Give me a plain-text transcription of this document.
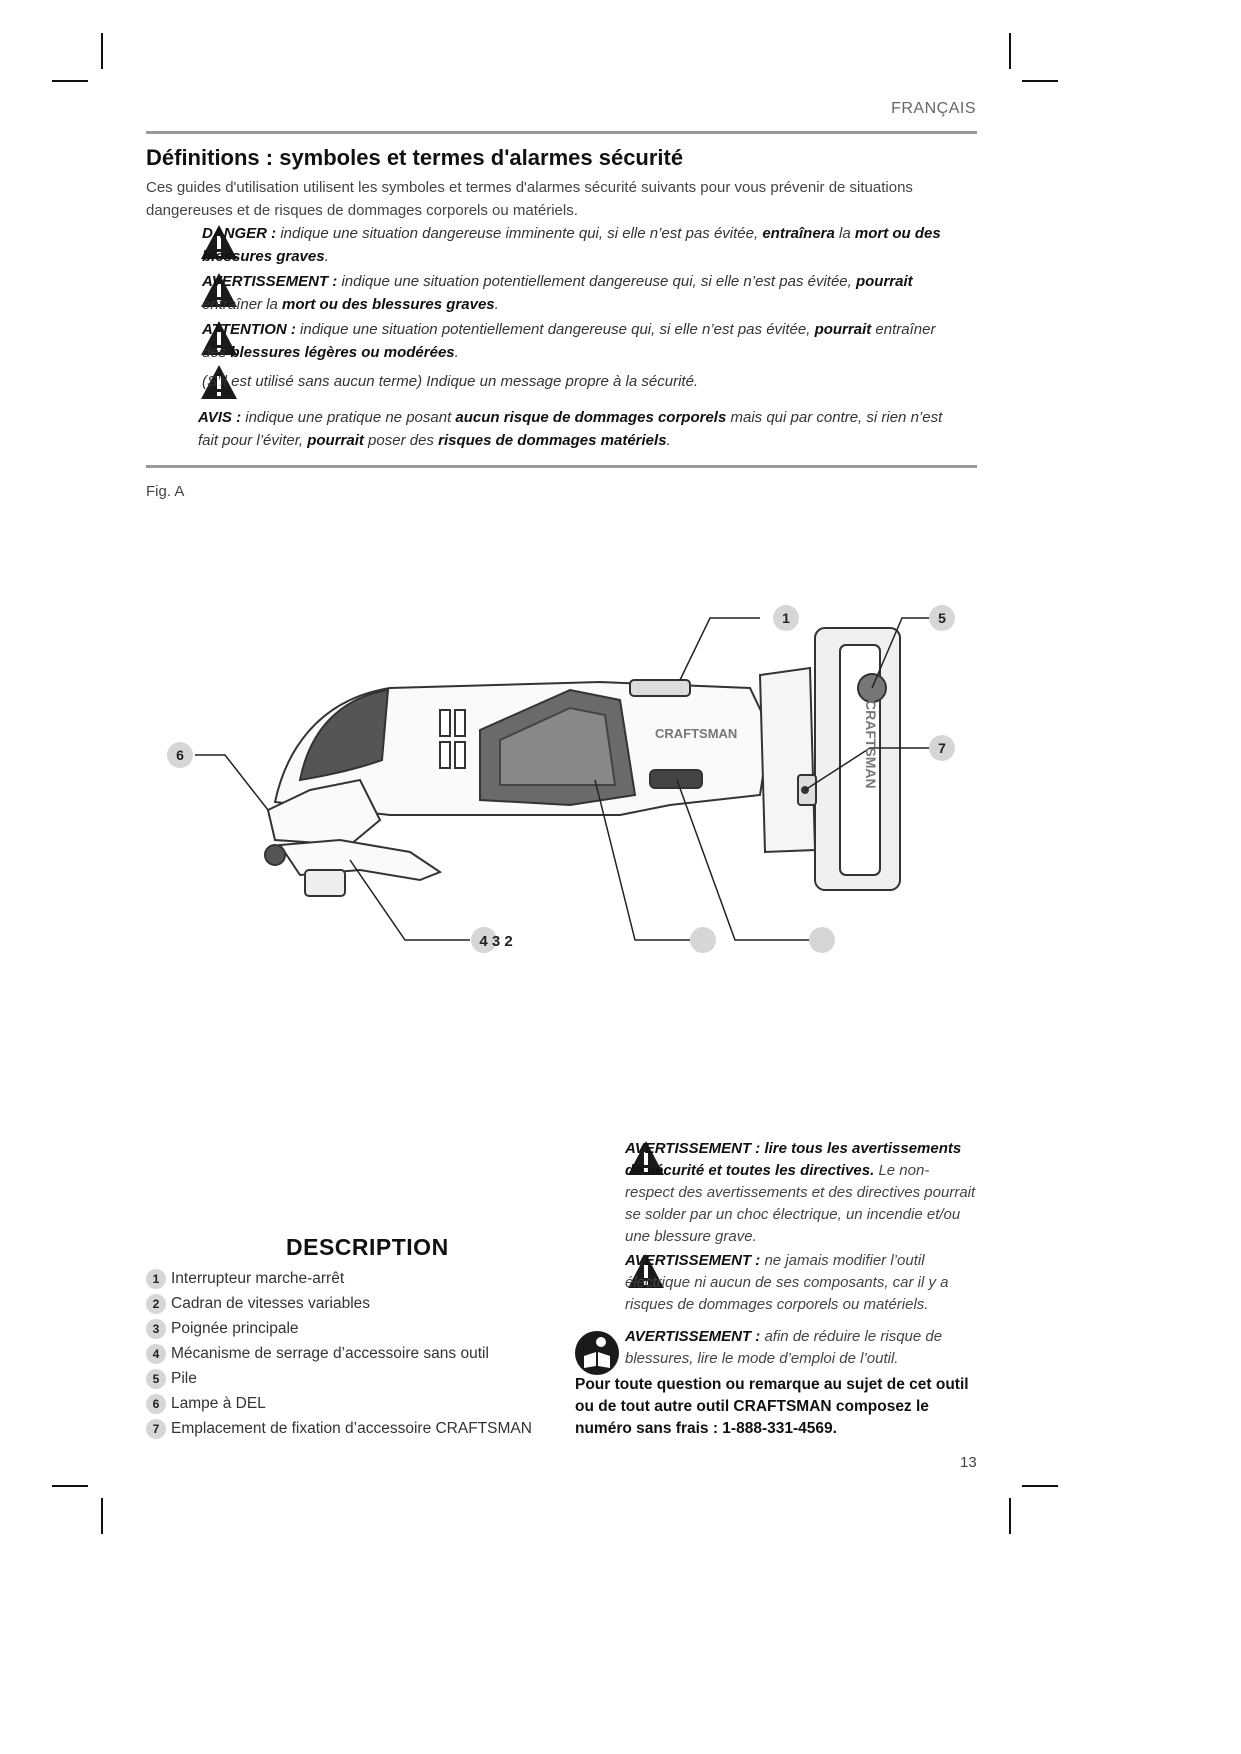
FRANÇAIS
Définitions : symboles et termes d'alarmes sécurité
Ces guides d'utilisation utilisent les symboles et termes d'alarmes sécurité suivants pour vous prévenir de situations dangereuses et de risques de dommages corporels ou matériels.
DANGER : indique une situation dangereuse imminente qui, si elle n’est pas évitée, entraînera la mort ou des blessures graves.
AVERTISSEMENT : indique une situation potentiellement dangereuse qui, si elle n’est pas évitée, pourrait entraîner la mort ou des blessures graves.
ATTENTION : indique une situation potentiellement dangereuse qui, si elle n’est pas évitée, pourrait entraîner des blessures légères ou modérées.
(S’il est utilisé sans aucun terme) Indique un message propre à la sécurité.
AVIS : indique une pratique ne posant aucun risque de dommages corporels mais qui par contre, si rien n’est fait pour l’éviter, pourrait poser des risques de dommages matériels.
Fig. A
CRAFTSMAN	CRAFTSMAN
1	5
6	7
4 3 2
DESCRIPTION
1 Interrupteur marche-arrêt
2 Cadran de vitesses variables
3 Poignée principale
4 Mécanisme de serrage d’accessoire sans outil
5 Pile
6 Lampe à DEL
7 Emplacement de fixation d’accessoire CRAFTSMAN
AVERTISSEMENT : lire tous les avertissements de sécurité et toutes les directives. Le non-respect des avertissements et des directives pourrait se solder par un choc électrique, un incendie et/ou une blessure grave.
AVERTISSEMENT : ne jamais modifier l’outil électrique ni aucun de ses composants, car il y a risques de dommages corporels ou matériels.
AVERTISSEMENT : afin de réduire le risque de blessures, lire le mode d’emploi de l’outil.
Pour toute question ou remarque au sujet de cet outil ou de tout autre outil CRAFTSMAN composez le numéro sans frais : 1-888-331-4569.
13
